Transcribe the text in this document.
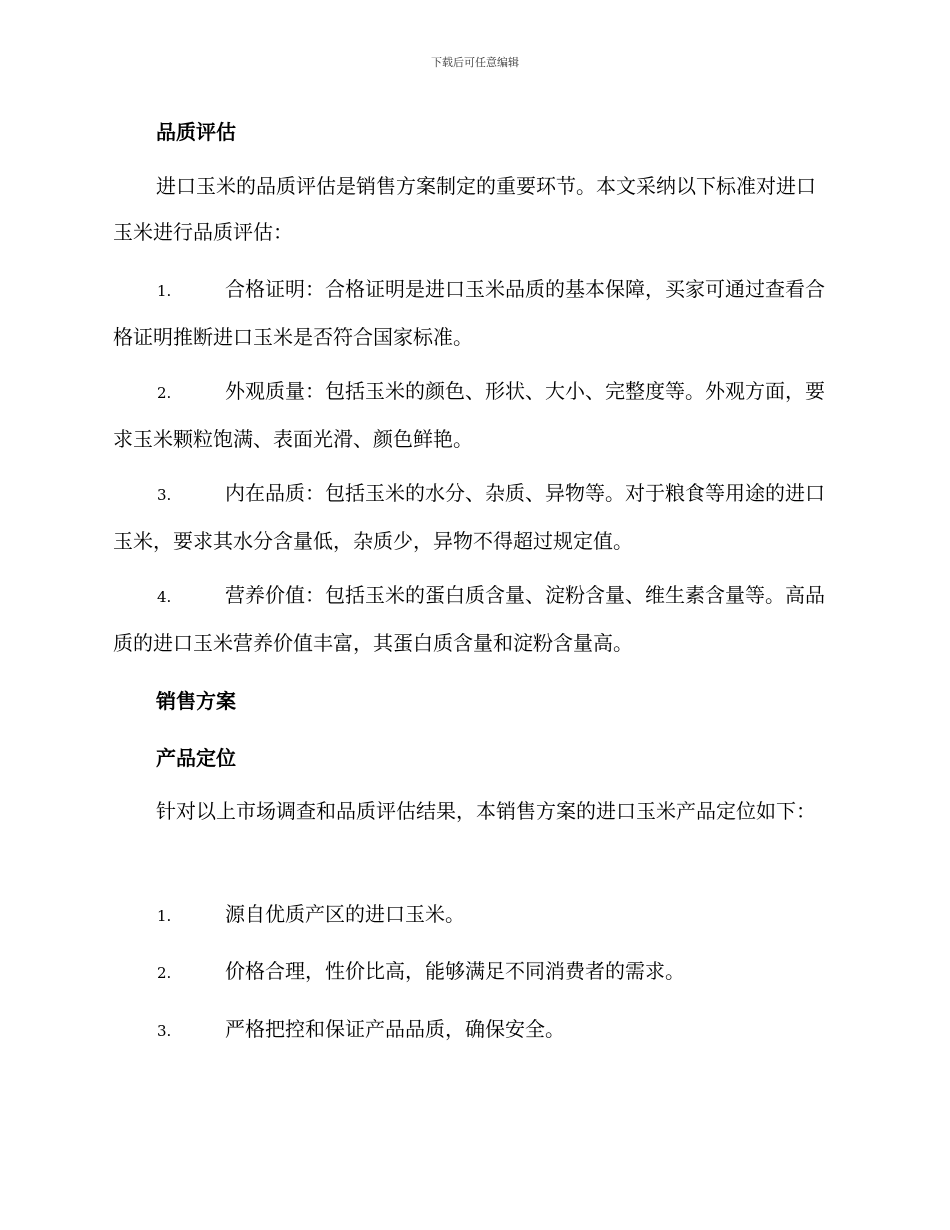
下载后可任意编辑
品质评估
进口玉米的品质评估是销售方案制定的重要环节。本文采纳以下标准对进口玉米进行品质评估：
1.	合格证明：合格证明是进口玉米品质的基本保障，买家可通过查看合格证明推断进口玉米是否符合国家标准。
2.	外观质量：包括玉米的颜色、形状、大小、完整度等。外观方面，要求玉米颗粒饱满、表面光滑、颜色鲜艳。
3.	内在品质：包括玉米的水分、杂质、异物等。对于粮食等用途的进口玉米，要求其水分含量低，杂质少，异物不得超过规定值。
4.	营养价值：包括玉米的蛋白质含量、淀粉含量、维生素含量等。高品质的进口玉米营养价值丰富，其蛋白质含量和淀粉含量高。
销售方案
产品定位
针对以上市场调查和品质评估结果，本销售方案的进口玉米产品定位如下：
1.	源自优质产区的进口玉米。
2.	价格合理，性价比高，能够满足不同消费者的需求。
3.	严格把控和保证产品品质，确保安全。
